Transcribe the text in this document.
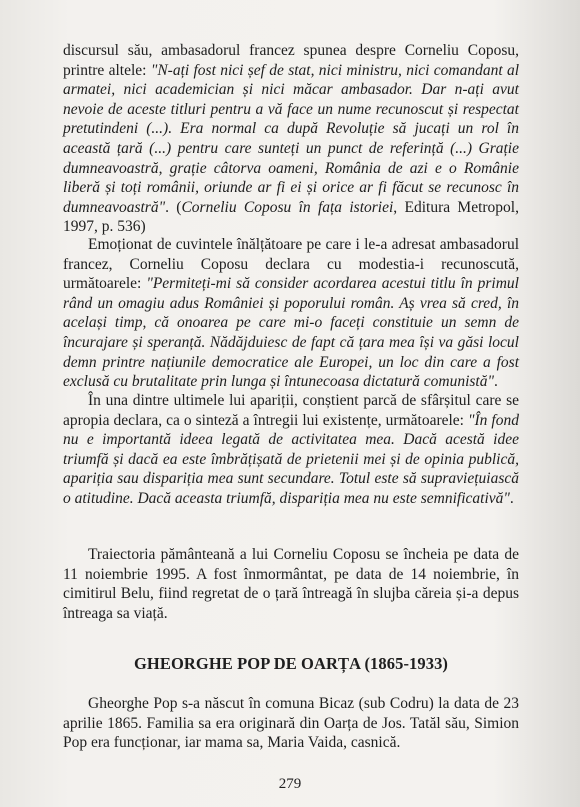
discursul său, ambasadorul francez spunea despre Corneliu Coposu, printre altele: "N-ați fost nici șef de stat, nici ministru, nici comandant al armatei, nici academician și nici măcar ambasador. Dar n-ați avut nevoie de aceste titluri pentru a vă face un nume recunoscut și respectat pretutindeni (...). Era normal ca după Revoluție să jucați un rol în această țară (...) pentru care sunteți un punct de referință (...) Grație dumneavoastră, grație câtorva oameni, România de azi e o Românie liberă și toți românii, oriunde ar fi ei și orice ar fi făcut se recunosc în dumneavoastră". (Corneliu Coposu în fața istoriei, Editura Metropol, 1997, p. 536)

Emoționat de cuvintele înălțătoare pe care i le-a adresat ambasadorul francez, Corneliu Coposu declara cu modestia-i recunoscută, următoarele: "Permiteți-mi să consider acordarea acestui titlu în primul rând un omagiu adus României și poporului român. Aș vrea să cred, în același timp, că onoarea pe care mi-o faceți constituie un semn de încurajare și speranță. Nădăjduiesc de fapt că țara mea își va găsi locul demn printre națiunile democratice ale Europei, un loc din care a fost exclusă cu brutalitate prin lunga și întunecoasa dictatură comunistă".

În una dintre ultimele lui apariții, conștient parcă de sfârșitul care se apropia declara, ca o sinteză a întregii lui existențe, următoarele: "În fond nu e importantă ideea legată de activitatea mea. Dacă acestă idee triumfă și dacă ea este îmbrățișată de prietenii mei și de opinia publică, apariția sau dispariția mea sunt secundare. Totul este să supraviețuiască o atitudine. Dacă aceasta triumfă, dispariția mea nu este semnificativă".

Traiectoria pământeană a lui Corneliu Coposu se încheia pe data de 11 noiembrie 1995. A fost înmormântat, pe data de 14 noiembrie, în cimitirul Belu, fiind regretat de o țară întreagă în slujba căreia și-a depus întreaga sa viață.

GHEORGHE POP DE OARȚA (1865-1933)

Gheorghe Pop s-a născut în comuna Bicaz (sub Codru) la data de 23 aprilie 1865. Familia sa era originară din Oarța de Jos. Tatăl său, Simion Pop era funcționar, iar mama sa, Maria Vaida, casnică.

279
